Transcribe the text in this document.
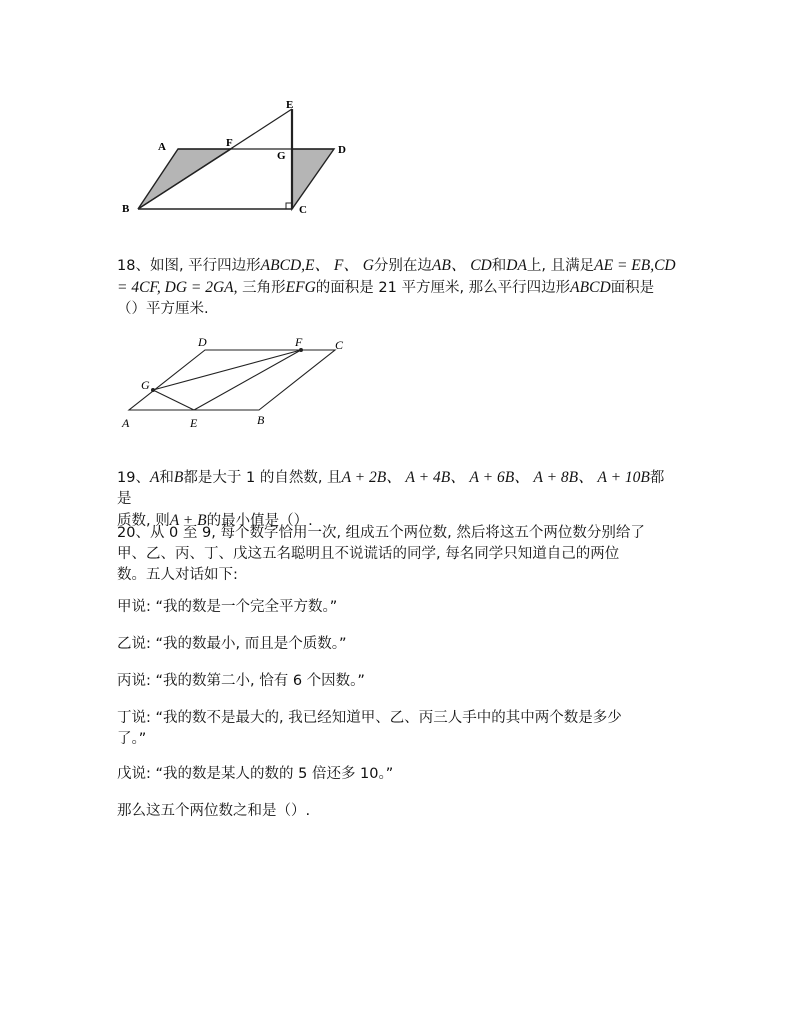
A
B	C
D
E
F
G

18、如图, 平行四边形ABCD,E、 F、 G分别在边AB、 CD和DA上, 且满足AE = EB,CD
= 4CF, DG = 2GA, 三角形EFG的面积是 21 平方厘米, 那么平行四边形ABCD面积是
（）平方厘米.

A	B
C
D
E
F
G

19、A和B都是大于 1 的自然数, 且A + 2B、 A + 4B、 A + 6B、 A + 8B、 A + 10B都是
质数, 则A + B的最小值是（）.

20、从 0 至 9, 每个数字恰用一次, 组成五个两位数, 然后将这五个两位数分别给了
甲、乙、丙、丁、戊这五名聪明且不说谎话的同学, 每名同学只知道自己的两位
数。五人对话如下:

甲说: “我的数是一个完全平方数。”

乙说: “我的数最小, 而且是个质数。”

丙说: “我的数第二小, 恰有 6 个因数。”

丁说: “我的数不是最大的, 我已经知道甲、乙、丙三人手中的其中两个数是多少
了。”

戊说: “我的数是某人的数的 5 倍还多 10。”

那么这五个两位数之和是（）.
